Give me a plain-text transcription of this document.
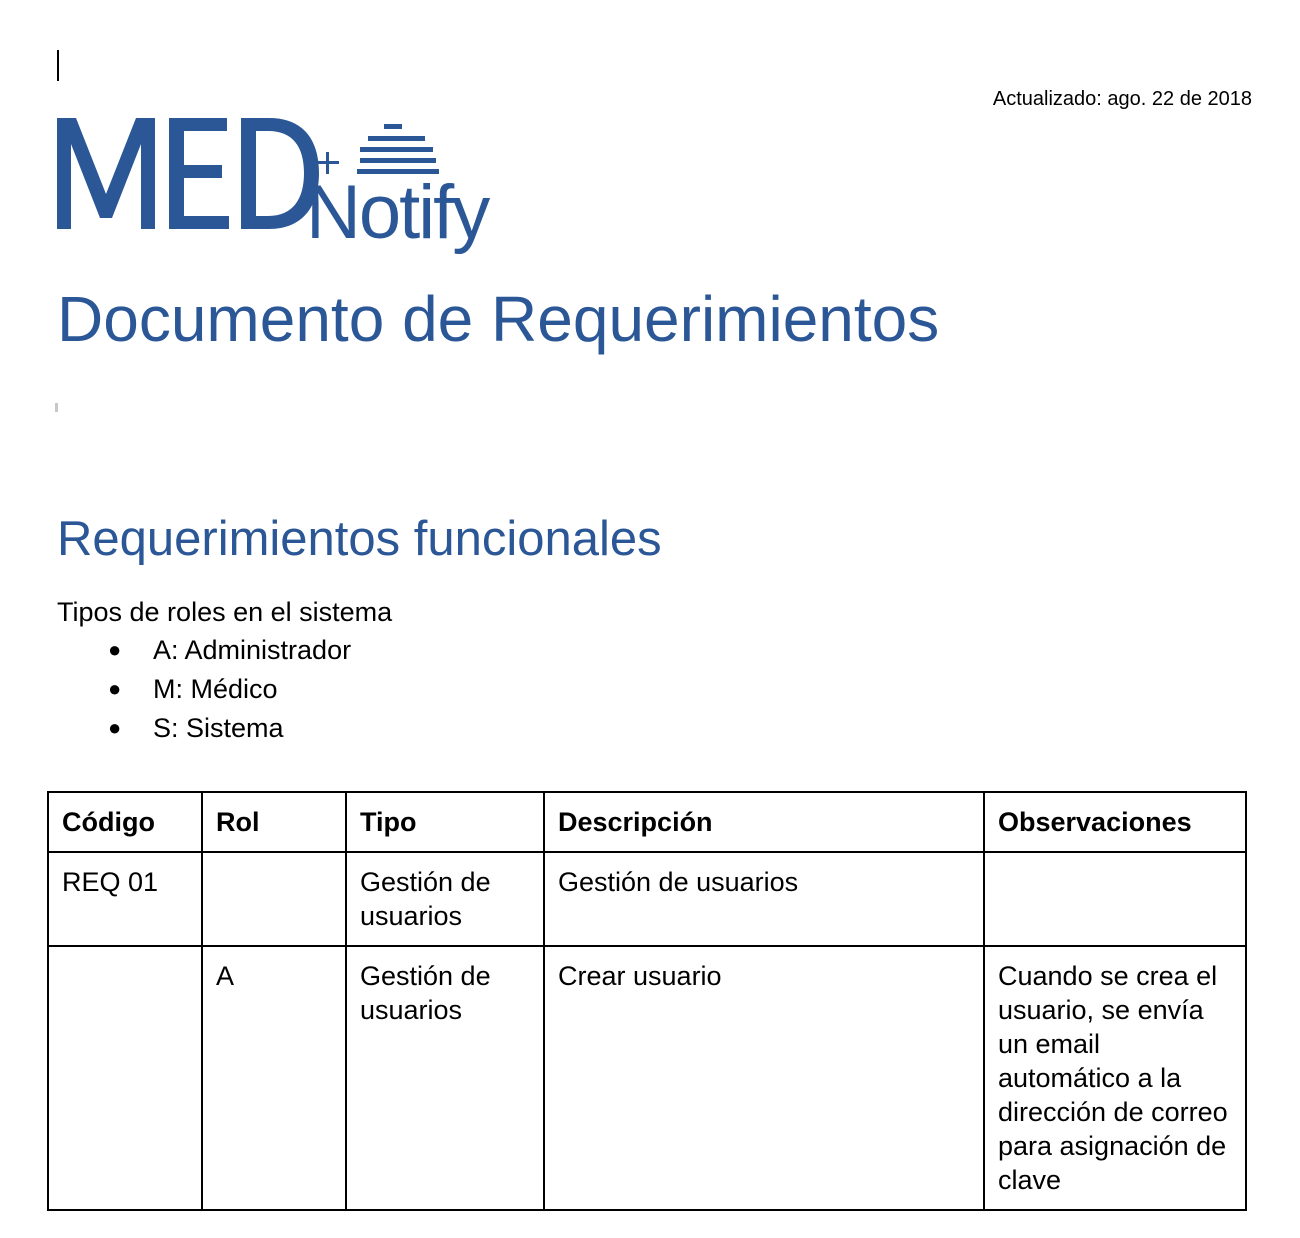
Actualizado: ago. 22 de 2018
Notify
Documento de Requerimientos
Requerimientos funcionales
Tipos de roles en el sistema
● A: Administrador
● M: Médico
● S: Sistema
Código	Rol	Tipo	Descripción	Observaciones
REQ 01		Gestión de usuarios	Gestión de usuarios	
	A	Gestión de usuarios	Crear usuario	Cuando se crea el usuario, se envía un email automático a la dirección de correo para asignación de clave
